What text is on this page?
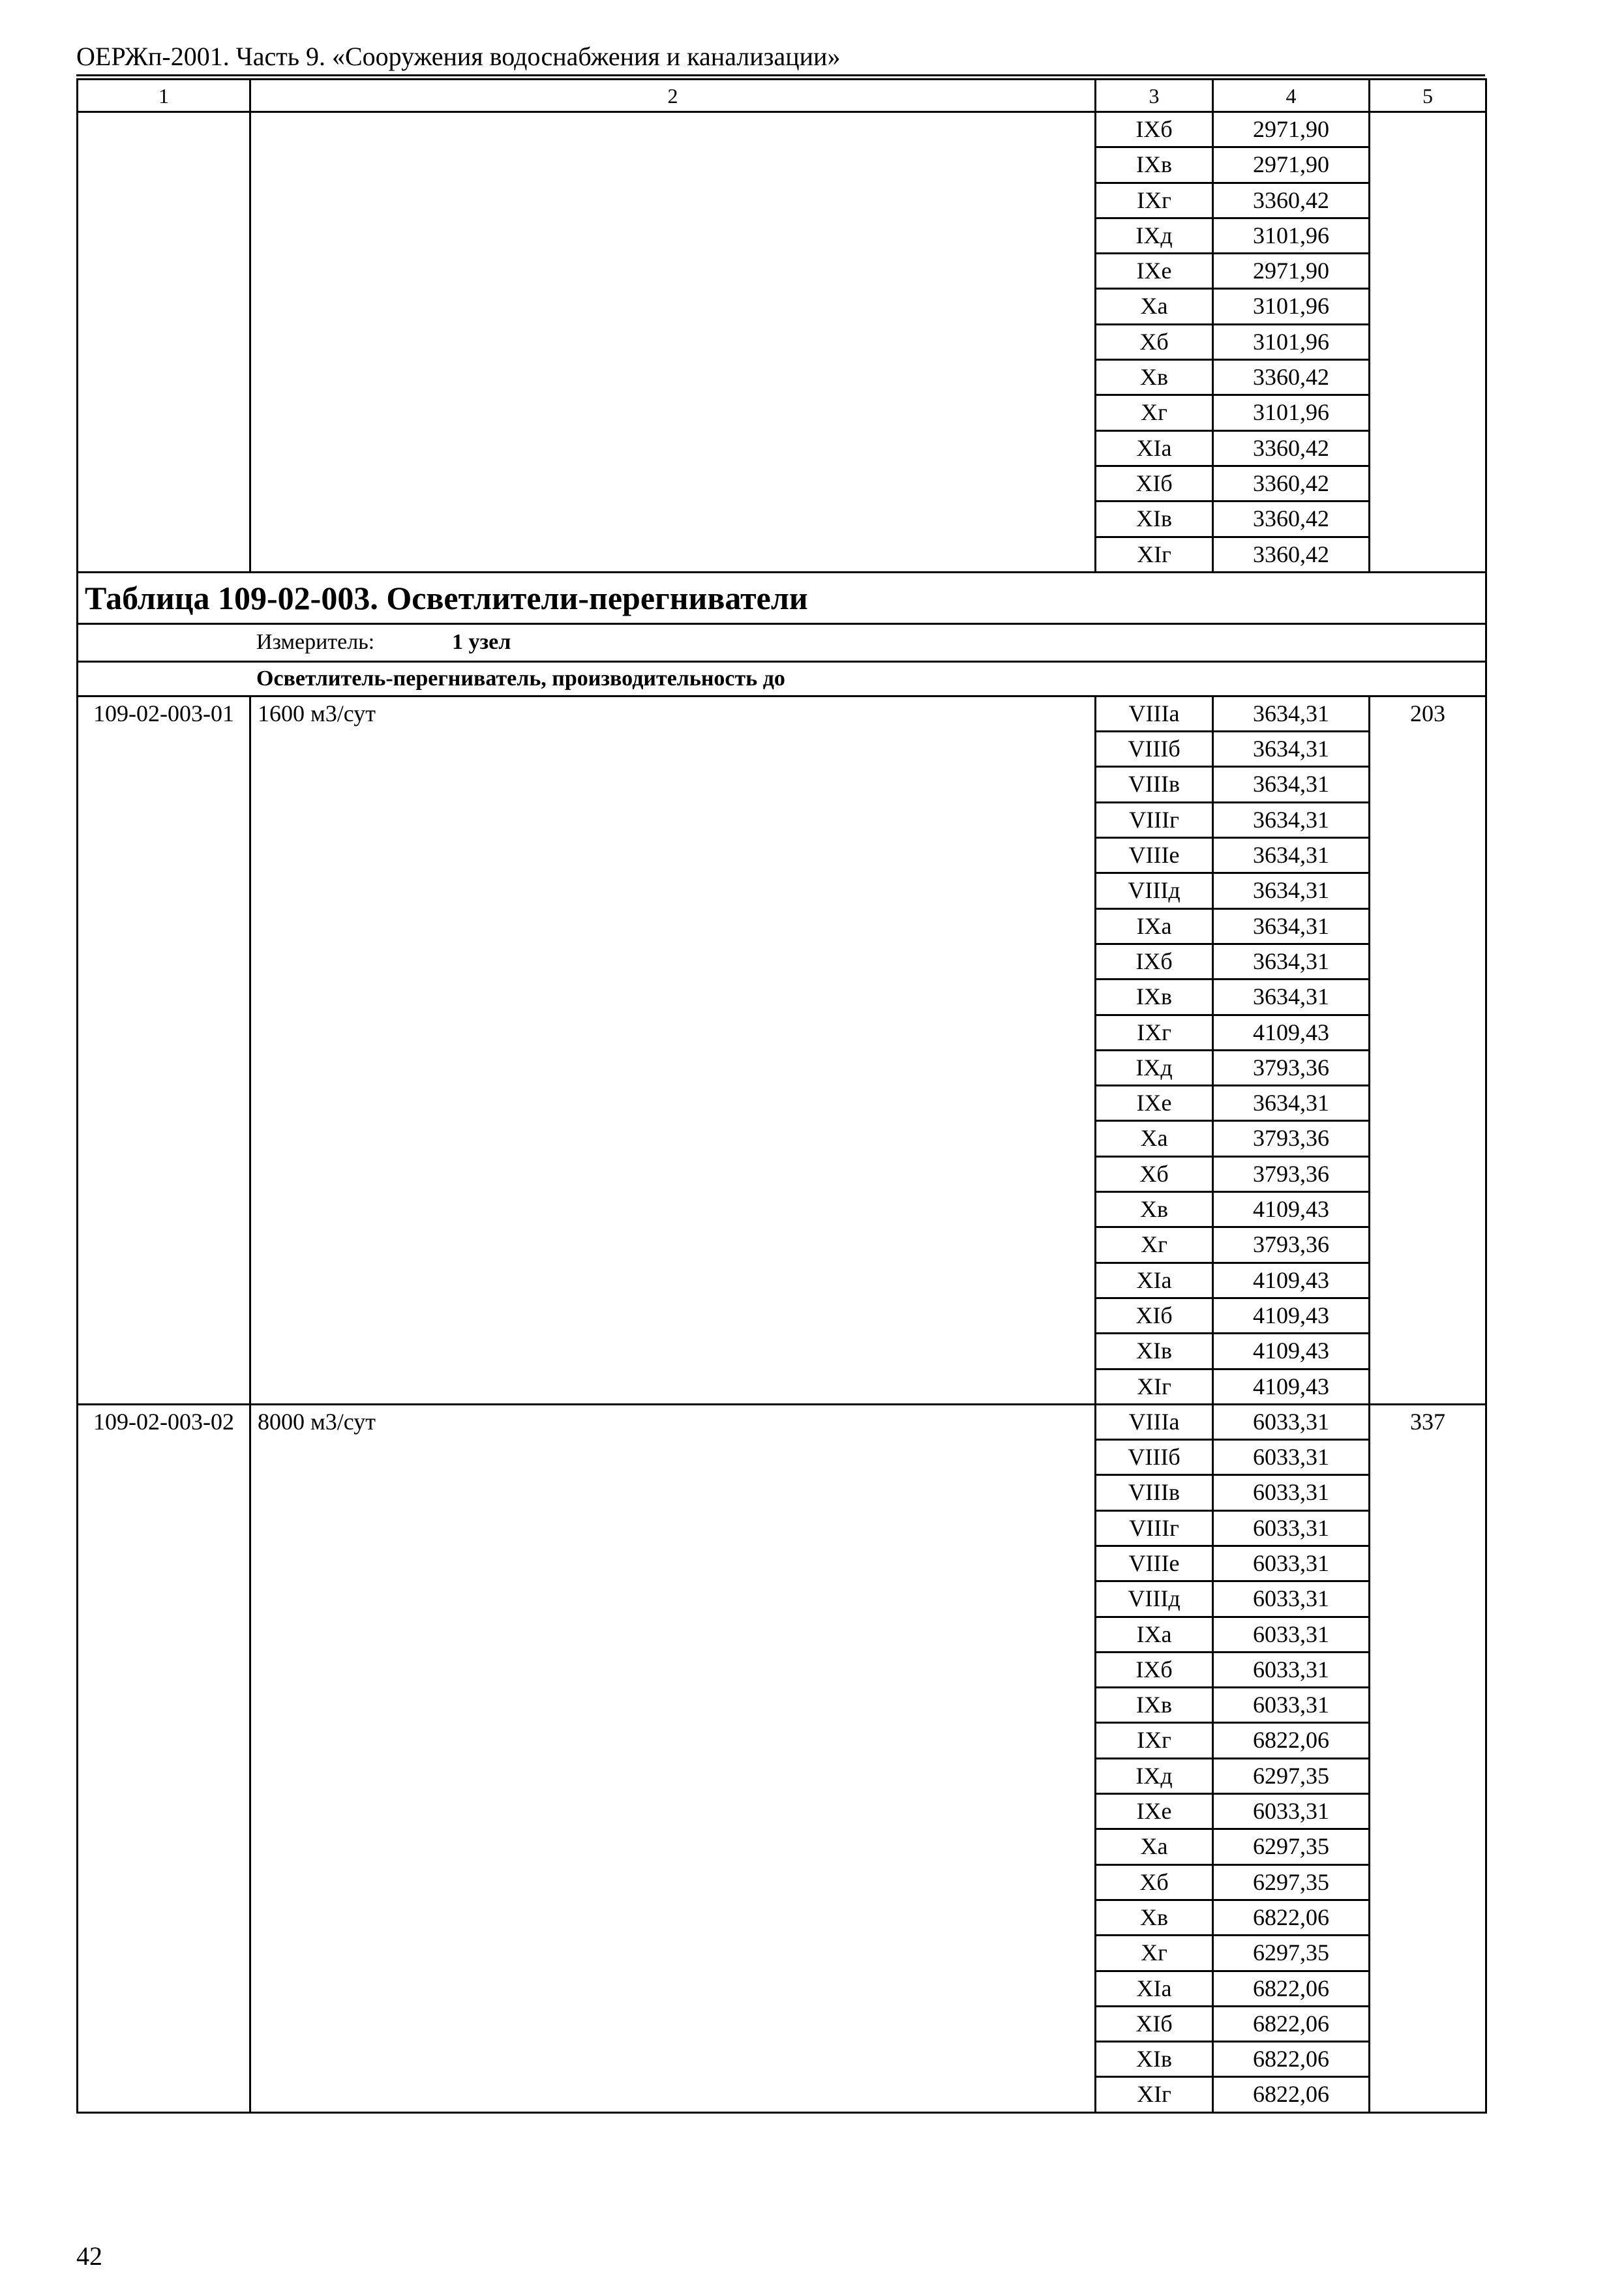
ОЕРЖп-2001. Часть 9. «Сооружения водоснабжения и канализации»
1	2	3	4	5
		IXб	2971,90	
		IXв	2971,90	
		IXг	3360,42	
		IXд	3101,96	
		IXе	2971,90	
		Xа	3101,96	
		Xб	3101,96	
		Xв	3360,42	
		Xг	3101,96	
		XIа	3360,42	
		XIб	3360,42	
		XIв	3360,42	
		XIг	3360,42	
Таблица 109-02-003. Осветлители-перегниватели				
Измеритель: 1 узел				
Осветлитель-перегниватель, производительность до				
109-02-003-01	1600 м3/сут	VIIIа	3634,31	203
		VIIIб	3634,31	
		VIIIв	3634,31	
		VIIIг	3634,31	
		VIIIе	3634,31	
		VIIIд	3634,31	
		IXа	3634,31	
		IXб	3634,31	
		IXв	3634,31	
		IXг	4109,43	
		IXд	3793,36	
		IXе	3634,31	
		Xа	3793,36	
		Xб	3793,36	
		Xв	4109,43	
		Xг	3793,36	
		XIа	4109,43	
		XIб	4109,43	
		XIв	4109,43	
		XIг	4109,43	
109-02-003-02	8000 м3/сут	VIIIа	6033,31	337
		VIIIб	6033,31	
		VIIIв	6033,31	
		VIIIг	6033,31	
		VIIIе	6033,31	
		VIIIд	6033,31	
		IXа	6033,31	
		IXб	6033,31	
		IXв	6033,31	
		IXг	6822,06	
		IXд	6297,35	
		IXе	6033,31	
		Xа	6297,35	
		Xб	6297,35	
		Xв	6822,06	
		Xг	6297,35	
		XIа	6822,06	
		XIб	6822,06	
		XIв	6822,06	
		XIг	6822,06	
42
